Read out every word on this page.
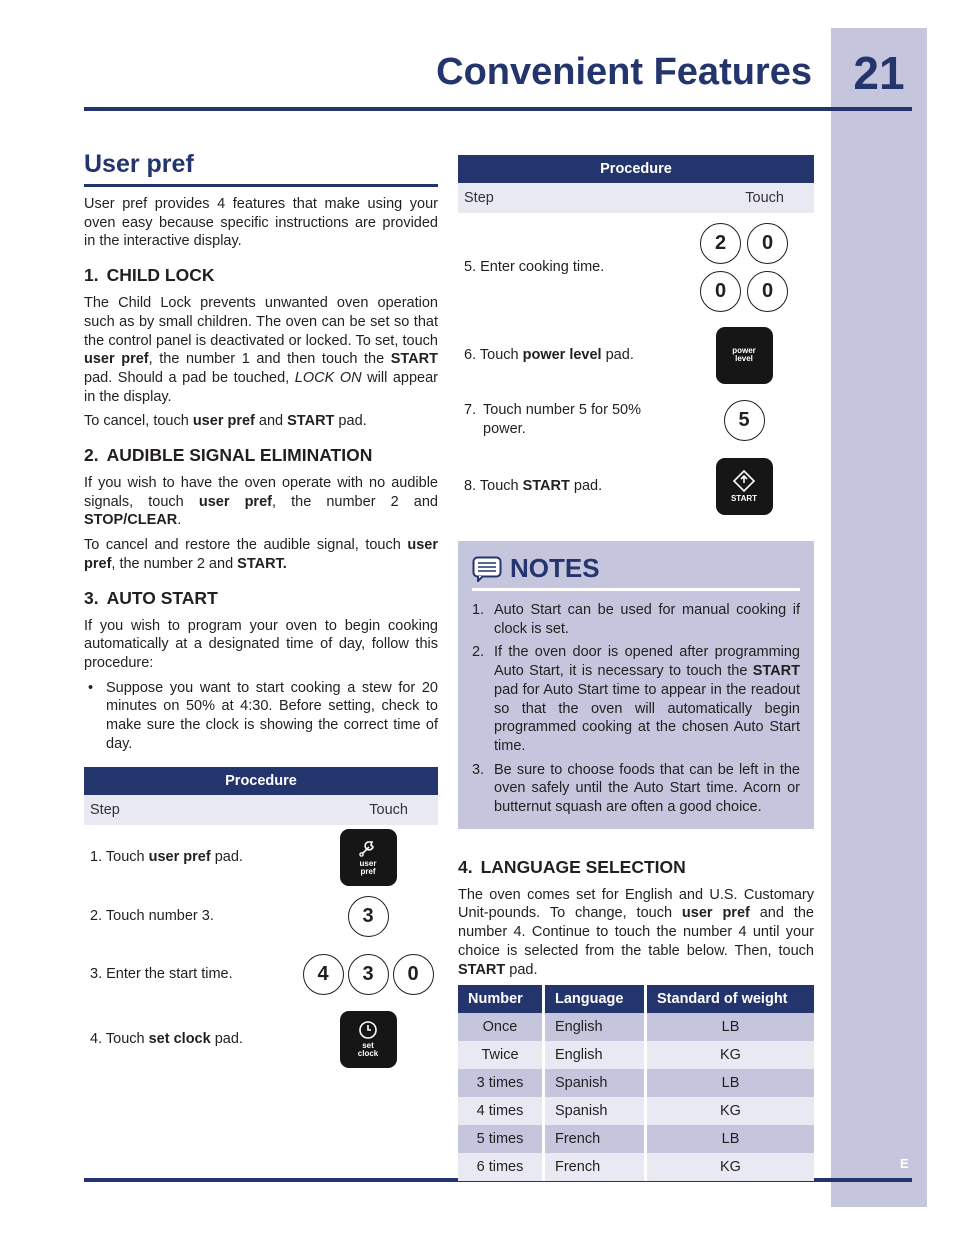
21
E
Convenient Features
User pref

User pref provides 4 features that make using your oven easy because specific instructions are provided in the interactive display.

1. CHILD LOCK

The Child Lock prevents unwanted oven operation such as by small children. The oven can be set so that the control panel is deactivated or locked. To set, touch user pref, the number 1 and then touch the START pad. Should a pad be touched, LOCK ON will appear in the display.

To cancel, touch user pref and START pad.

2. AUDIBLE SIGNAL ELIMINATION

If you wish to have the oven operate with no audible signals, touch user pref, the number 2 and STOP/CLEAR.

To cancel and restore the audible signal, touch user pref, the number 2 and START.

3. AUTO START

If you wish to program your oven to begin cooking automatically at a designated time of day, follow this procedure:

• Suppose you want to start cooking a stew for 20 minutes on 50% at 4:30. Before setting, check to make sure the clock is showing the correct time of day.
Procedure
Step	Touch
1. Touch user pref pad.	user
pref
2. Touch number 3.	3
3. Enter the start time.	4	3	0
4. Touch set clock pad.	set
clock
Procedure
Step	Touch
5. Enter cooking time.
2	0
0	0
6. Touch power level pad.	power
level
7. Touch number 5 for 50% power.	5
8. Touch START pad.
START
NOTES
1. Auto Start can be used for manual cooking if clock is set.
2. If the oven door is opened after programming Auto Start, it is necessary to touch the START pad for Auto Start time to appear in the readout so that the oven will automatically begin programmed cooking at the chosen Auto Start time.
3. Be sure to choose foods that can be left in the oven safely until the Auto Start time. Acorn or butternut squash are often a good choice.
4. LANGUAGE SELECTION

The oven comes set for English and U.S. Customary Unit-pounds. To change, touch user pref and the number 4. Continue to touch the number 4 until your choice is selected from the table below. Then, touch START pad.

Number	Language	Standard of weight
Once	English	LB
Twice	English	KG
3 times	Spanish	LB
4 times	Spanish	KG
5 times	French	LB
6 times	French	KG
